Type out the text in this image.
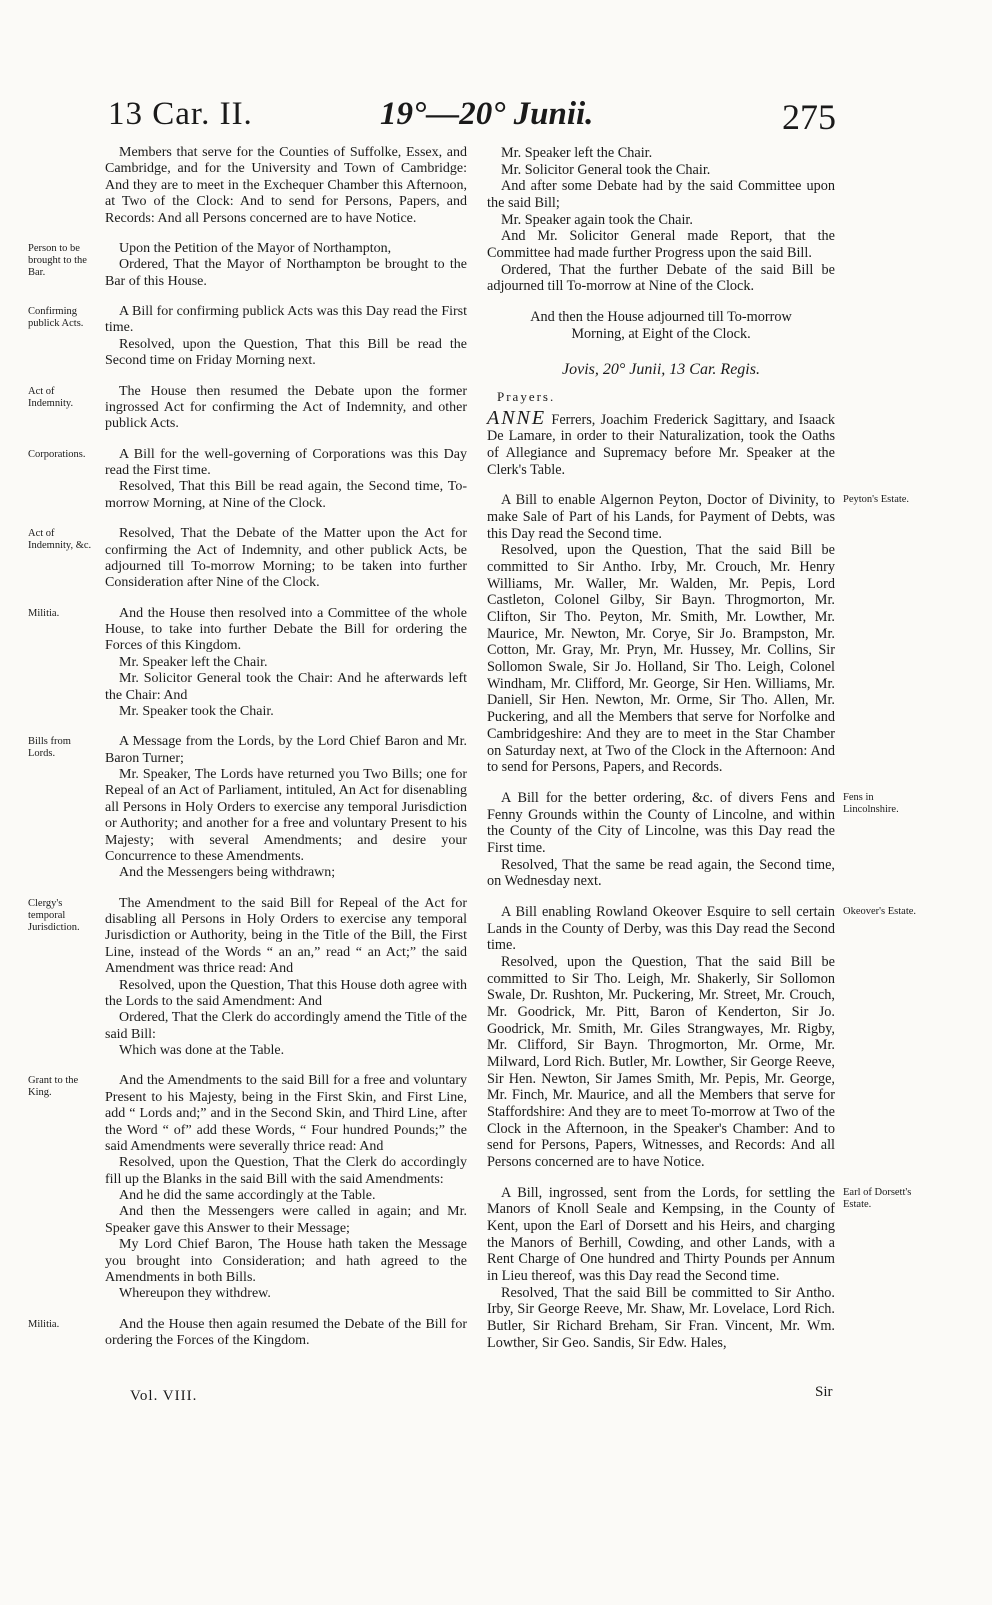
13 Car. II.	19°—20° Junii.	275

Members that serve for the Counties of Suffolke, Essex, and Cambridge, and for the University and Town of Cambridge: And they are to meet in the Exchequer Chamber this Afternoon, at Two of the Clock: And to send for Persons, Papers, and Records: And all Persons concerned are to have Notice.

Person to be brought to the Bar.

Upon the Petition of the Mayor of Northampton,

Ordered, That the Mayor of Northampton be brought to the Bar of this House.

Confirming publick Acts.

A Bill for confirming publick Acts was this Day read the First time.

Resolved, upon the Question, That this Bill be read the Second time on Friday Morning next.

Act of Indemnity.

The House then resumed the Debate upon the former ingrossed Act for confirming the Act of Indemnity, and other publick Acts.

Corporations.	A Bill for the well-governing of Corporations was this Day read the First time.

Resolved, That this Bill be read again, the Second time, To-morrow Morning, at Nine of the Clock.

Act of Indemnity, &c.

Resolved, That the Debate of the Matter upon the Act for confirming the Act of Indemnity, and other publick Acts, be adjourned till To-morrow Morning; to be taken into further Consideration after Nine of the Clock.

Militia.	And the House then resolved into a Committee of the whole House, to take into further Debate the Bill for ordering the Forces of this Kingdom.

Mr. Speaker left the Chair.

Mr. Solicitor General took the Chair: And he afterwards left the Chair: And

Mr. Speaker took the Chair.

Bills from Lords.

A Message from the Lords, by the Lord Chief Baron and Mr. Baron Turner;

Mr. Speaker, The Lords have returned you Two Bills; one for Repeal of an Act of Parliament, intituled, An Act for disenabling all Persons in Holy Orders to exercise any temporal Jurisdiction or Authority; and another for a free and voluntary Present to his Majesty; with several Amendments; and desire your Concurrence to these Amendments.

And the Messengers being withdrawn;

Clergy's temporal Jurisdiction.

The Amendment to the said Bill for Repeal of the Act for disabling all Persons in Holy Orders to exercise any temporal Jurisdiction or Authority, being in the Title of the Bill, the First Line, instead of the Words “ an an,” read “ an Act;” the said Amendment was thrice read: And

Resolved, upon the Question, That this House doth agree with the Lords to the said Amendment: And

Ordered, That the Clerk do accordingly amend the Title of the said Bill:

Which was done at the Table.

Grant to the King.

And the Amendments to the said Bill for a free and voluntary Present to his Majesty, being in the First Skin, and First Line, add “ Lords and;” and in the Second Skin, and Third Line, after the Word “ of” add these Words, “ Four hundred Pounds;” the said Amendments were severally thrice read: And

Resolved, upon the Question, That the Clerk do accordingly fill up the Blanks in the said Bill with the said Amendments:

And he did the same accordingly at the Table.

And then the Messengers were called in again; and Mr. Speaker gave this Answer to their Message;

My Lord Chief Baron, The House hath taken the Message you brought into Consideration; and hath agreed to the Amendments in both Bills.

Whereupon they withdrew.

Militia.	And the House then again resumed the Debate of the Bill for ordering the Forces of the Kingdom.

Mr. Speaker left the Chair.

Mr. Solicitor General took the Chair.

And after some Debate had by the said Committee upon the said Bill;

Mr. Speaker again took the Chair.

And Mr. Solicitor General made Report, that the Committee had made further Progress upon the said Bill.

Ordered, That the further Debate of the said Bill be adjourned till To-morrow at Nine of the Clock.

And then the House adjourned till To-morrow Morning, at Eight of the Clock.

Jovis, 20° Junii, 13 Car. Regis.
Prayers.

ANNE Ferrers, Joachim Frederick Sagittary, and Isaack De Lamare, in order to their Naturalization, took the Oaths of Allegiance and Supremacy before Mr. Speaker at the Clerk's Table.

Peyton's Estate.

A Bill to enable Algernon Peyton, Doctor of Divinity, to make Sale of Part of his Lands, for Payment of Debts, was this Day read the Second time.

Resolved, upon the Question, That the said Bill be committed to Sir Antho. Irby, Mr. Crouch, Mr. Henry Williams, Mr. Waller, Mr. Walden, Mr. Pepis, Lord Castleton, Colonel Gilby, Sir Bayn. Throgmorton, Mr. Clifton, Sir Tho. Peyton, Mr. Smith, Mr. Lowther, Mr. Maurice, Mr. Newton, Mr. Corye, Sir Jo. Brampston, Mr. Cotton, Mr. Gray, Mr. Pryn, Mr. Hussey, Mr. Collins, Sir Sollomon Swale, Sir Jo. Holland, Sir Tho. Leigh, Colonel Windham, Mr. Clifford, Mr. George, Sir Hen. Williams, Mr. Daniell, Sir Hen. Newton, Mr. Orme, Sir Tho. Allen, Mr. Puckering, and all the Members that serve for Norfolke and Cambridgeshire: And they are to meet in the Star Chamber on Saturday next, at Two of the Clock in the Afternoon: And to send for Persons, Papers, and Records.

Fens in Lincolnshire.

A Bill for the better ordering, &c. of divers Fens and Fenny Grounds within the County of Lincolne, and within the County of the City of Lincolne, was this Day read the First time.

Resolved, That the same be read again, the Second time, on Wednesday next.

Okeover's Estate.

A Bill enabling Rowland Okeover Esquire to sell certain Lands in the County of Derby, was this Day read the Second time.

Resolved, upon the Question, That the said Bill be committed to Sir Tho. Leigh, Mr. Shakerly, Sir Sollomon Swale, Dr. Rushton, Mr. Puckering, Mr. Street, Mr. Crouch, Mr. Goodrick, Mr. Pitt, Baron of Kenderton, Sir Jo. Goodrick, Mr. Smith, Mr. Giles Strangwayes, Mr. Rigby, Mr. Clifford, Sir Bayn. Throgmorton, Mr. Orme, Mr. Milward, Lord Rich. Butler, Mr. Lowther, Sir George Reeve, Sir Hen. Newton, Sir James Smith, Mr. Pepis, Mr. George, Mr. Finch, Mr. Maurice, and all the Members that serve for Staffordshire: And they are to meet To-morrow at Two of the Clock in the Afternoon, in the Speaker's Chamber: And to send for Persons, Papers, Witnesses, and Records: And all Persons concerned are to have Notice.

Earl of Dorsett's Estate.

A Bill, ingrossed, sent from the Lords, for settling the Manors of Knoll Seale and Kempsing, in the County of Kent, upon the Earl of Dorsett and his Heirs, and charging the Manors of Berhill, Cowding, and other Lands, with a Rent Charge of One hundred and Thirty Pounds per Annum in Lieu thereof, was this Day read the Second time.

Resolved, That the said Bill be committed to Sir Antho. Irby, Sir George Reeve, Mr. Shaw, Mr. Lovelace, Lord Rich. Butler, Sir Richard Breham, Sir Fran. Vincent, Mr. Wm. Lowther, Sir Geo. Sandis, Sir Edw. Hales,

Vol. VIII.	Sir
